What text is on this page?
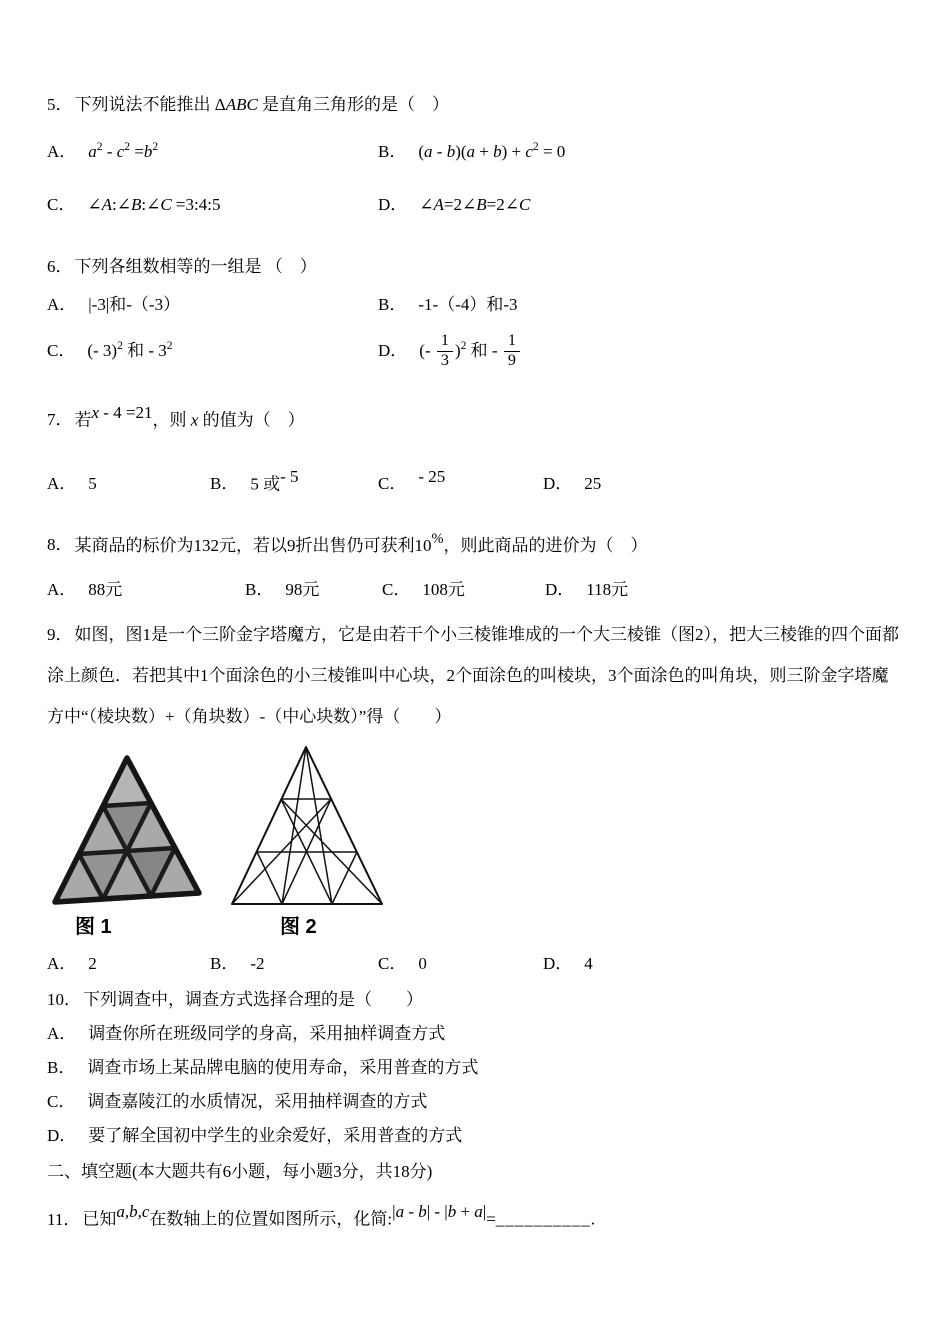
5． 下列说法不能推出 ΔABC 是直角三角形的是（　）

A． $a^2 - c^2 =b^2$	B． $(a - b)(a + b) + c^2 = 0$
C． ∠A:∠B:∠C =3:4:5	D． ∠A=2∠B=2∠C

6． 下列各组数相等的一组是 （　）

A． |-3|和-（-3）	B． -1-（-4）和-3
C． (- 3)$^2$ 和 - $3^2$	D． (- $\frac{1}{3} )^2$ 和 - $\frac{1}{9}$

7． 若x - 4 =21，则 x 的值为（　）

A． 5	B． 5 或- 5	C． - 25	D． 25

8． 某商品的标价为132元，若以9折出售仍可获利10%，则此商品的进价为（　）

A． 88元	B． 98元	C． 108元	D． 118元

9． 如图，图1是一个三阶金字塔魔方，它是由若干个小三棱锥堆成的一个大三棱锥（图2），把大三棱锥的四个面都涂上颜色．若把其中1个面涂色的小三棱锥叫中心块，2个面涂色的叫棱块，3个面涂色的叫角块，则三阶金字塔魔方中“（棱块数）+（角块数）-（中心块数）”得（　　）

图 1	图 2
A． 2	B． -2	C． 0	D． 4

10． 下列调查中，调查方式选择合理的是（　　）

A． 调查你所在班级同学的身高，采用抽样调查方式

B． 调查市场上某品牌电脑的使用寿命，采用普查的方式

C． 调查嘉陵江的水质情况，采用抽样调查的方式

D． 要了解全国初中学生的业余爱好，采用普查的方式

二、填空题(本大题共有6小题，每小题3分，共18分)

11． 已知a,b,c在数轴上的位置如图所示，化简:|a - b| - |b + a|=__________.
